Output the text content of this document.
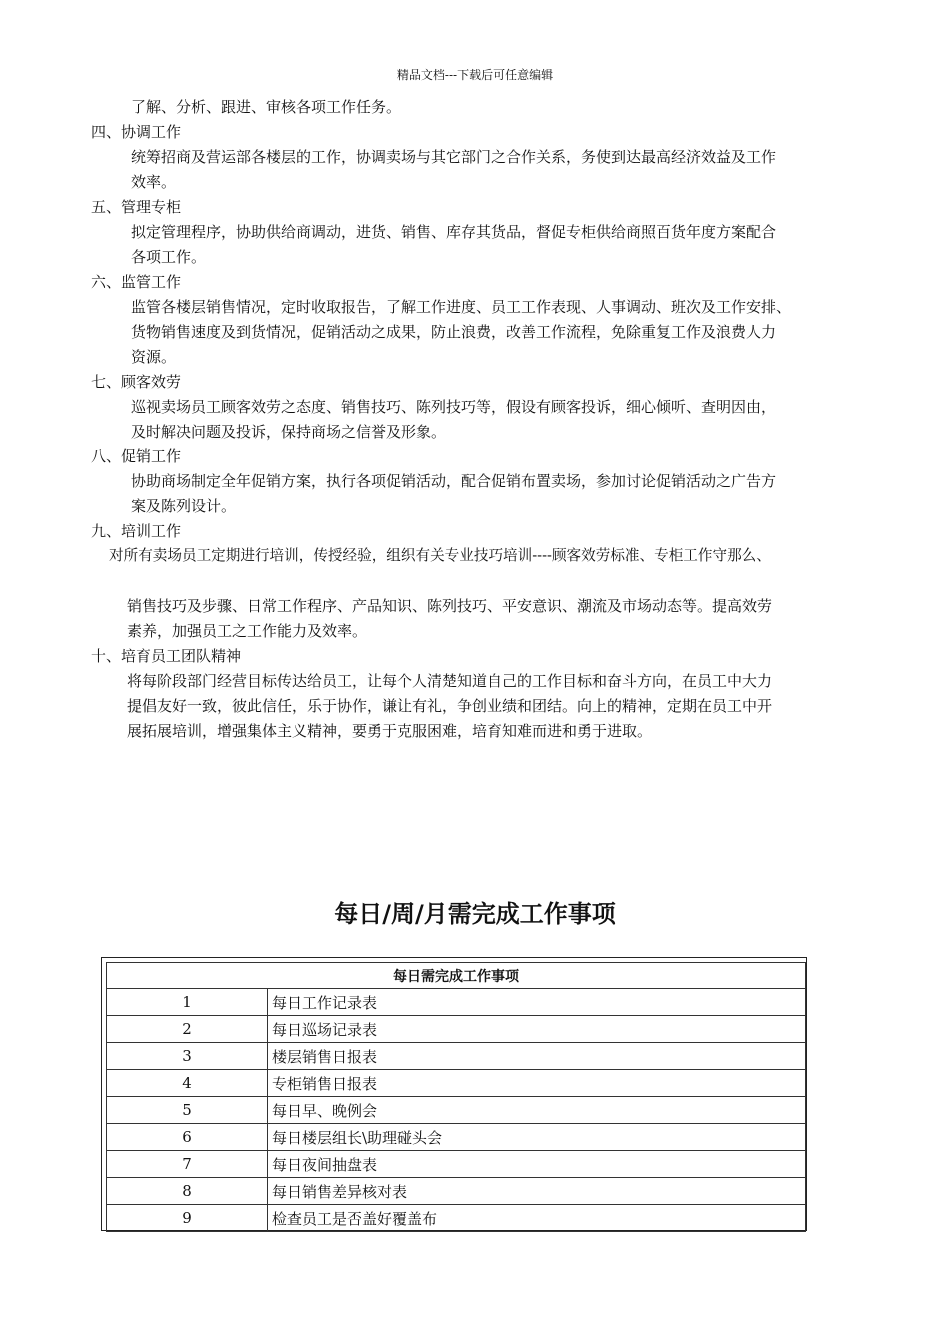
精品文档---下载后可任意编辑
了解、分析、跟进、审核各项工作任务。
四、协调工作
统筹招商及营运部各楼层的工作，协调卖场与其它部门之合作关系，务使到达最高经济效益及工作
效率。
五、管理专柜
拟定管理程序，协助供给商调动，进货、销售、库存其货品，督促专柜供给商照百货年度方案配合
各项工作。
六、监管工作
监管各楼层销售情况，定时收取报告，了解工作进度、员工工作表现、人事调动、班次及工作安排、
货物销售速度及到货情况，促销活动之成果，防止浪费，改善工作流程，免除重复工作及浪费人力
资源。
七、顾客效劳
巡视卖场员工顾客效劳之态度、销售技巧、陈列技巧等，假设有顾客投诉，细心倾听、查明因由，
及时解决问题及投诉，保持商场之信誉及形象。
八、促销工作
协助商场制定全年促销方案，执行各项促销活动，配合促销布置卖场，参加讨论促销活动之广告方
案及陈列设计。
九、培训工作
对所有卖场员工定期进行培训，传授经验，组织有关专业技巧培训----顾客效劳标准、专柜工作守那么、
销售技巧及步骤、日常工作程序、产品知识、陈列技巧、平安意识、潮流及市场动态等。提高效劳
素养，加强员工之工作能力及效率。
十、培育员工团队精神
将每阶段部门经营目标传达给员工，让每个人清楚知道自己的工作目标和奋斗方向，在员工中大力
提倡友好一致，彼此信任，乐于协作，谦让有礼，争创业绩和团结。向上的精神，定期在员工中开
展拓展培训，增强集体主义精神，要勇于克服困难，培育知难而进和勇于进取。
每日/周/月需完成工作事项
每日需完成工作事项	
1	每日工作记录表
2	每日巡场记录表
3	楼层销售日报表
4	专柜销售日报表
5	每日早、晚例会
6	每日楼层组长\助理碰头会
7	每日夜间抽盘表
8	每日销售差异核对表
9	检查员工是否盖好覆盖布
